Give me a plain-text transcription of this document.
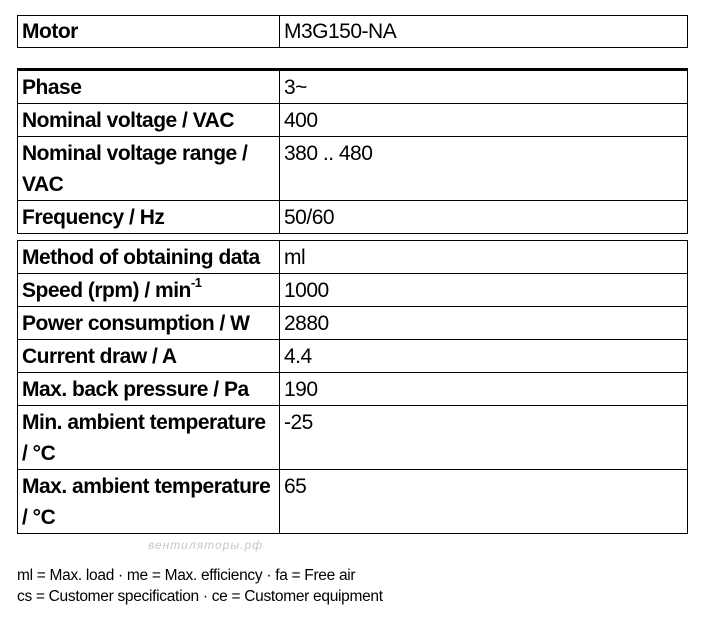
Motor	M3G150-NA
Phase	3~
Nominal voltage / VAC	400
Nominal voltage range / VAC	380 .. 480
Frequency / Hz	50/60
Method of obtaining data	ml
Speed $(rpm) / \min^{-1}$	1000
Power consumption / W	2880
Current draw / A	4.4
Max. back pressure / Pa	190
Min. ambient temperature / °C	-25
Max. ambient temperature / °C	65
вентиляторы.рф
ml = Max. load · me = Max. efficiency · fa = Free air
cs = Customer specification · ce = Customer equipment
